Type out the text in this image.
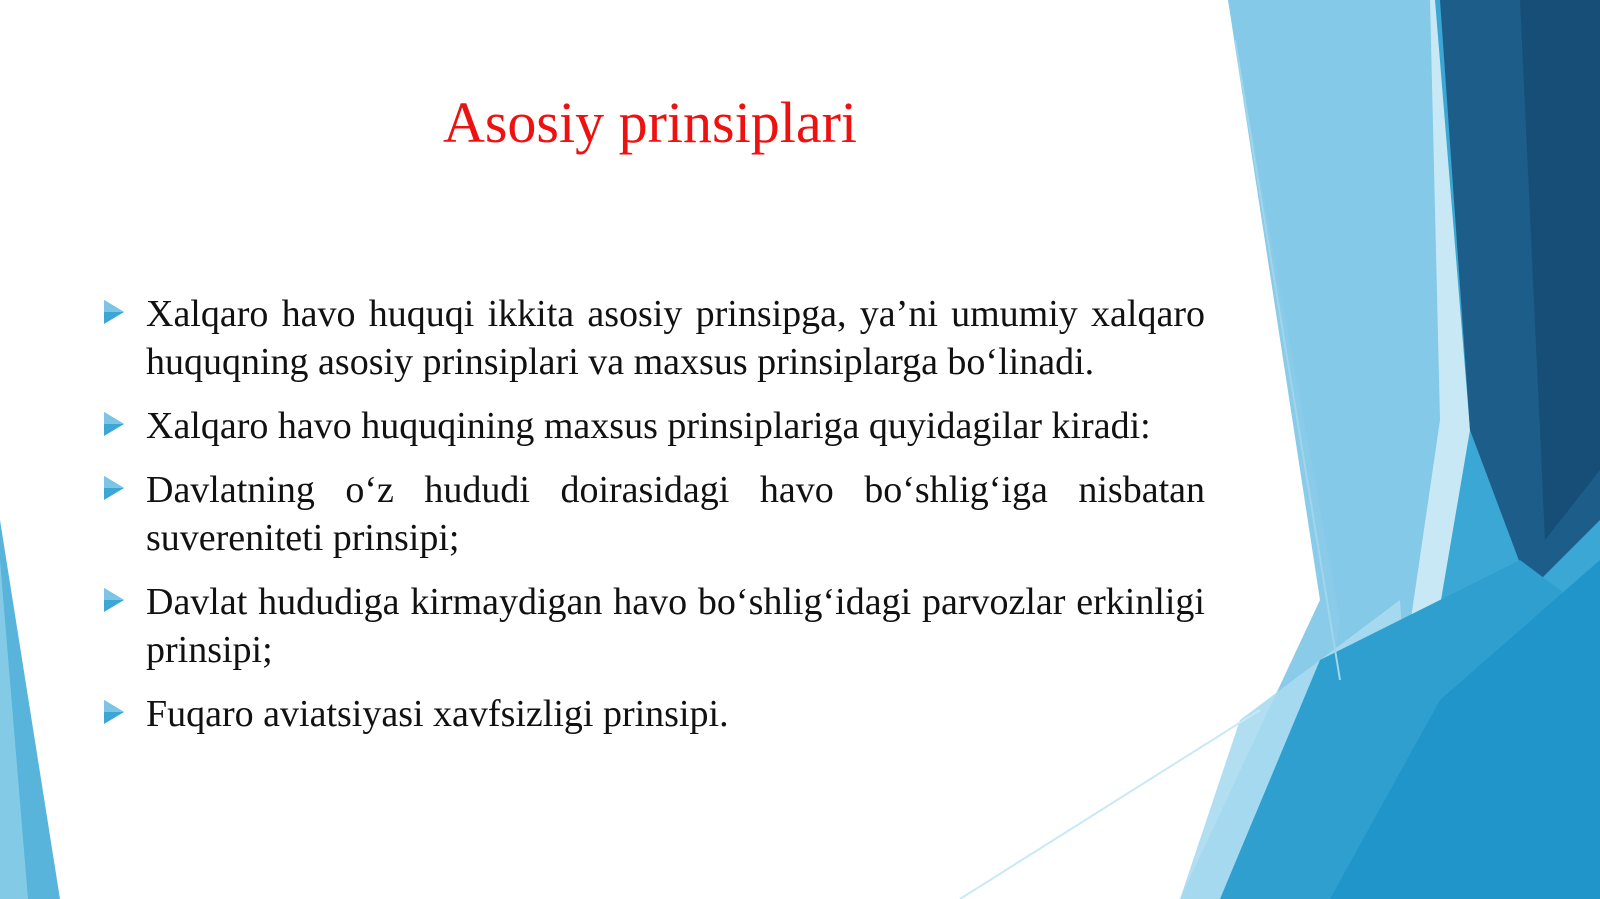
Asosiy prinsiplari
Xalqaro havo huquqi ikkita asosiy prinsipga, ya’ni umumiy xalqaro huquqning asosiy prinsiplari va maxsus prinsiplarga bo‘linadi.
Xalqaro havo huquqining maxsus prinsiplariga quyidagilar kiradi:
Davlatning o‘z hududi doirasidagi havo bo‘shlig‘iga nisbatan suvereniteti prinsipi;
Davlat hududiga kirmaydigan havo bo‘shlig‘idagi parvozlar erkinligi prinsipi;
Fuqaro aviatsiyasi xavfsizligi prinsipi.
